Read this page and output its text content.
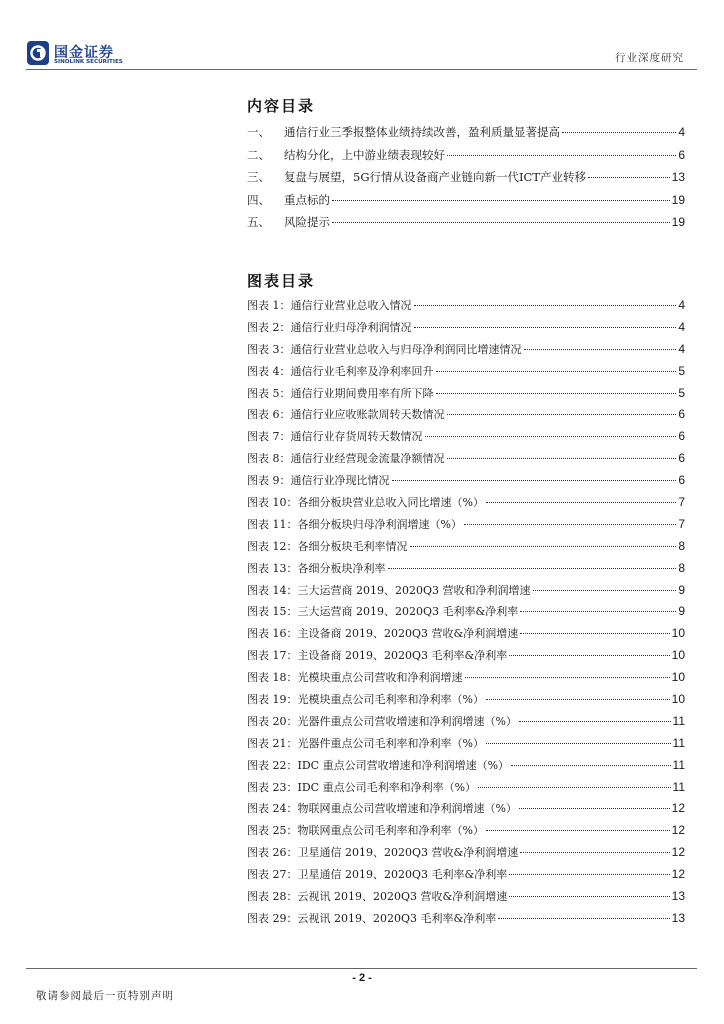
国金证券
SINOLINK SECURITIES	行业深度研究
内容目录
一、 通信行业三季报整体业绩持续改善，盈利质量显著提高	4
二、 结构分化，上中游业绩表现较好	6
三、 复盘与展望，5G行情从设备商产业链向新一代ICT产业转移	13
四、 重点标的	19
五、 风险提示	19
图表目录
图表 1： 通信行业营业总收入情况	4
图表 2： 通信行业归母净利润情况	4
图表 3： 通信行业营业总收入与归母净利润同比增速情况	4
图表 4： 通信行业毛利率及净利率回升	5
图表 5： 通信行业期间费用率有所下降	5
图表 6： 通信行业应收账款周转天数情况	6
图表 7： 通信行业存货周转天数情况	6
图表 8： 通信行业经营现金流量净额情况	6
图表 9： 通信行业净现比情况	6
图表 10： 各细分板块营业总收入同比增速（%）	7
图表 11： 各细分板块归母净利润增速（%）	7
图表 12： 各细分板块毛利率情况	8
图表 13： 各细分板块净利率	8
图表 14： 三大运营商 2019、2020Q3 营收和净利润增速	9
图表 15： 三大运营商 2019、2020Q3 毛利率&净利率	9
图表 16： 主设备商 2019、2020Q3 营收&净利润增速	10
图表 17： 主设备商 2019、2020Q3 毛利率&净利率	10
图表 18： 光模块重点公司营收和净利润增速	10
图表 19： 光模块重点公司毛利率和净利率（%）	10
图表 20： 光器件重点公司营收增速和净利润增速（%）	11
图表 21： 光器件重点公司毛利率和净利率（%）	11
图表 22： IDC 重点公司营收增速和净利润增速（%）	11
图表 23： IDC 重点公司毛利率和净利率（%）	11
图表 24： 物联网重点公司营收增速和净利润增速（%）	12
图表 25： 物联网重点公司毛利率和净利率（%）	12
图表 26： 卫星通信 2019、2020Q3 营收&净利润增速	12
图表 27： 卫星通信 2019、2020Q3 毛利率&净利率	12
图表 28： 云视讯 2019、2020Q3 营收&净利润增速	13
图表 29： 云视讯 2019、2020Q3 毛利率&净利率	13
- 2 -
敬请参阅最后一页特别声明
